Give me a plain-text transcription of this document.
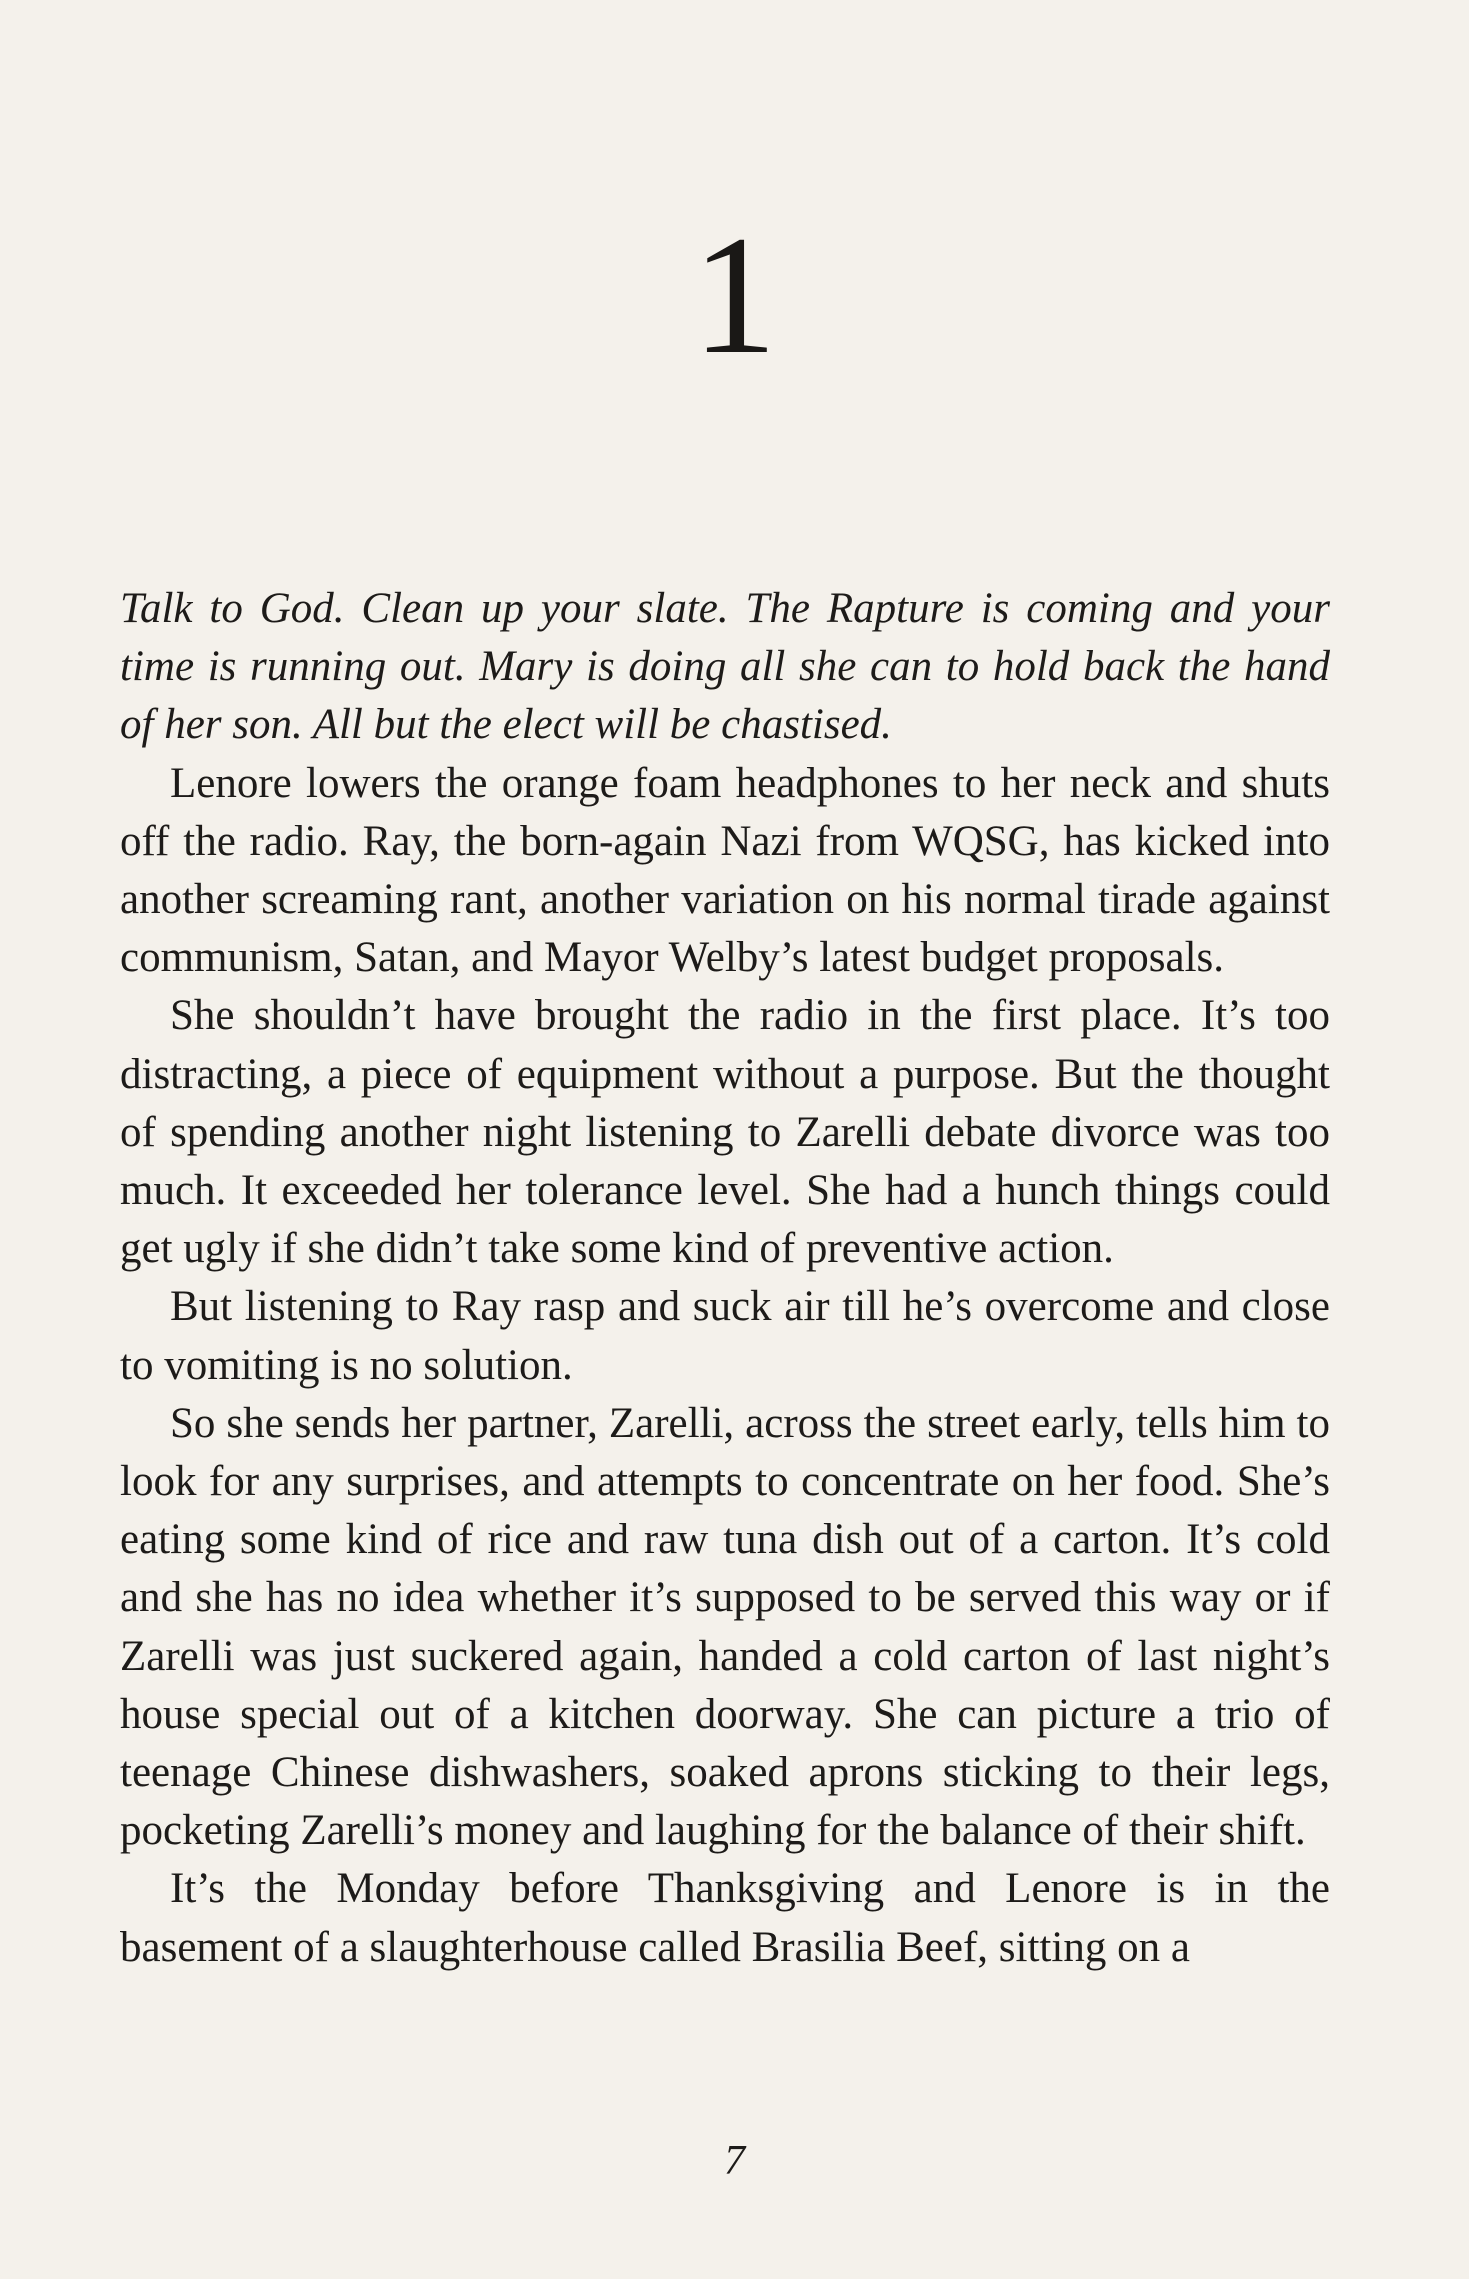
1

Talk to God. Clean up your slate. The Rapture is coming and your time is running out. Mary is doing all she can to hold back the hand of her son. All but the elect will be chastised.

Lenore lowers the orange foam headphones to her neck and shuts off the radio. Ray, the born-again Nazi from WQSG, has kicked into another screaming rant, another variation on his normal tirade against communism, Satan, and Mayor Welby’s latest budget proposals.

She shouldn’t have brought the radio in the first place. It’s too distracting, a piece of equipment without a purpose. But the thought of spending another night listening to Zarelli debate divorce was too much. It exceeded her tolerance level. She had a hunch things could get ugly if she didn’t take some kind of preventive action.

But listening to Ray rasp and suck air till he’s overcome and close to vomiting is no solution.

So she sends her partner, Zarelli, across the street early, tells him to look for any surprises, and attempts to concentrate on her food. She’s eating some kind of rice and raw tuna dish out of a carton. It’s cold and she has no idea whether it’s supposed to be served this way or if Zarelli was just suckered again, handed a cold carton of last night’s house special out of a kitchen doorway. She can picture a trio of teenage Chinese dishwashers, soaked aprons sticking to their legs, pocketing Zarelli’s money and laughing for the balance of their shift.

It’s the Monday before Thanksgiving and Lenore is in the basement of a slaughterhouse called Brasilia Beef, sitting on a

7
